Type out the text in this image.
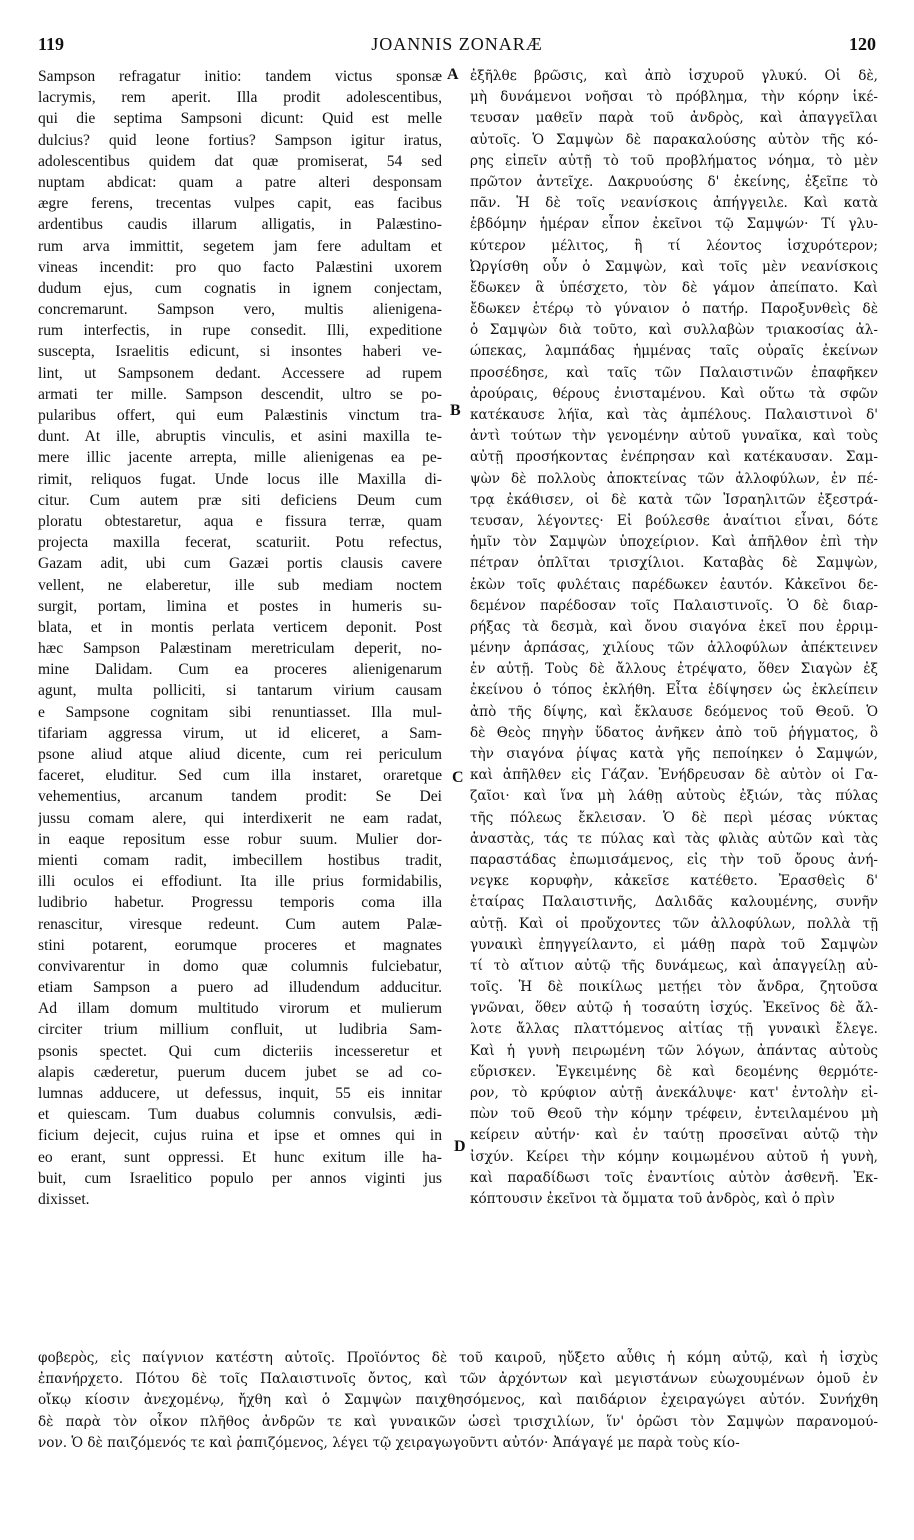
119	JOANNIS ZONARÆ	120
Sampson refragatur initio: tandem victus sponsæ
lacrymis, rem aperit. Illa prodit adolescentibus,
qui die septima Sampsoni dicunt: Quid est melle
dulcius? quid leone fortius? Sampson igitur iratus,
adolescentibus quidem dat quæ promiserat, 54 sed
nuptam abdicat: quam a patre alteri desponsam
ægre ferens, trecentas vulpes capit, eas facibus
ardentibus caudis illarum alligatis, in Palæstino-
rum arva immittit, segetem jam fere adultam et
vineas incendit: pro quo facto Palæstini uxorem
dudum ejus, cum cognatis in ignem conjectam,
concremarunt. Sampson vero, multis alienigena-
rum interfectis, in rupe consedit. Illi, expeditione
suscepta, Israelitis edicunt, si insontes haberi ve-
lint, ut Sampsonem dedant. Accessere ad rupem
armati ter mille. Sampson descendit, ultro se po-
pularibus offert, qui eum Palæstinis vinctum tra-
dunt. At ille, abruptis vinculis, et asini maxilla te-
mere illic jacente arrepta, mille alienigenas ea pe-
rimit, reliquos fugat. Unde locus ille Maxilla di-
citur. Cum autem præ siti deficiens Deum cum
ploratu obtestaretur, aqua e fissura terræ, quam
projecta maxilla fecerat, scaturiit. Potu refectus,
Gazam adit, ubi cum Gazæi portis clausis cavere
vellent, ne elaberetur, ille sub mediam noctem
surgit, portam, limina et postes in humeris su-
blata, et in montis perlata verticem deponit. Post
hæc Sampson Palæstinam meretriculam deperit, no-
mine Dalidam. Cum ea proceres alienigenarum
agunt, multa polliciti, si tantarum virium causam
e Sampsone cognitam sibi renuntiasset. Illa mul-
tifariam aggressa virum, ut id eliceret, a Sam-
psone aliud atque aliud dicente, cum rei periculum
faceret, eluditur. Sed cum illa instaret, oraretque
vehementius, arcanum tandem prodit: Se Dei
jussu comam alere, qui interdixerit ne eam radat,
in eaque repositum esse robur suum. Mulier dor-
mienti comam radit, imbecillem hostibus tradit,
illi oculos ei effodiunt. Ita ille prius formidabilis,
ludibrio habetur. Progressu temporis coma illa
renascitur, viresque redeunt. Cum autem Palæ-
stini potarent, eorumque proceres et magnates
convivarentur in domo quæ columnis fulciebatur,
etiam Sampson a puero ad illudendum adducitur.
Ad illam domum multitudo virorum et mulierum
circiter trium millium confluit, ut ludibria Sam-
psonis spectet. Qui cum dicteriis incesseretur et
alapis cæderetur, puerum ducem jubet se ad co-
lumnas adducere, ut defessus, inquit, 55 eis innitar
et quiescam. Tum duabus columnis convulsis, ædi-
ficium dejecit, cujus ruina et ipse et omnes qui in
eo erant, sunt oppressi. Et hunc exitum ille ha-
buit, cum Israelitico populo per annos viginti jus
dixisset.
ἐξῆλθε βρῶσις, καὶ ἀπὸ ἰσχυροῦ γλυκύ. Οἱ δὲ,
μὴ δυνάμενοι νοῆσαι τὸ πρόβλημα, τὴν κόρην ἱκέ-
τευσαν μαθεῖν παρὰ τοῦ ἀνδρὸς, καὶ ἀπαγγεῖλαι
αὐτοῖς. Ὁ Σαμψὼν δὲ παρακαλούσης αὐτὸν τῆς κό-
ρης εἰπεῖν αὐτῇ τὸ τοῦ προβλήματος νόημα, τὸ μὲν
πρῶτον ἀντεῖχε. Δακρυούσης δ' ἐκείνης, ἐξεῖπε τὸ
πᾶν. Ἡ δὲ τοῖς νεανίσκοις ἀπήγγειλε. Καὶ κατὰ
ἑβδόμην ἡμέραν εἶπον ἐκεῖνοι τῷ Σαμψών· Τί γλυ-
κύτερον μέλιτος, ἢ τί λέοντος ἰσχυρότερον;
Ὠργίσθη οὖν ὁ Σαμψὼν, καὶ τοῖς μὲν νεανίσκοις
ἔδωκεν ἃ ὑπέσχετο, τὸν δὲ γάμον ἀπείπατο. Καὶ
ἔδωκεν ἑτέρῳ τὸ γύναιον ὁ πατήρ. Παροξυνθεὶς δὲ
ὁ Σαμψὼν διὰ τοῦτο, καὶ συλλαβὼν τριακοσίας ἀλ-
ώπεκας, λαμπάδας ἡμμένας ταῖς οὐραῖς ἐκείνων
προσέδησε, καὶ ταῖς τῶν Παλαιστινῶν ἐπαφῆκεν
ἀρούραις, θέρους ἐνισταμένου. Καὶ οὕτω τὰ σφῶν
κατέκαυσε λήϊα, καὶ τὰς ἀμπέλους. Παλαιστινοὶ δ'
ἀντὶ τούτων τὴν γενομένην αὐτοῦ γυναῖκα, καὶ τοὺς
αὐτῇ προσήκοντας ἐνέπρησαν καὶ κατέκαυσαν. Σαμ-
ψὼν δὲ πολλοὺς ἀποκτείνας τῶν ἀλλοφύλων, ἐν πέ-
τρᾳ ἐκάθισεν, οἱ δὲ κατὰ τῶν Ἰσραηλιτῶν ἐξεστρά-
τευσαν, λέγοντες· Εἰ βούλεσθε ἀναίτιοι εἶναι, δότε
ἡμῖν τὸν Σαμψὼν ὑποχείριον. Καὶ ἀπῆλθον ἐπὶ τὴν
πέτραν ὁπλῖται τρισχίλιοι. Καταβὰς δὲ Σαμψὼν,
ἑκὼν τοῖς φυλέταις παρέδωκεν ἑαυτόν. Κἀκεῖνοι δε-
δεμένον παρέδοσαν τοῖς Παλαιστινοῖς. Ὁ δὲ διαρ-
ρήξας τὰ δεσμὰ, καὶ ὄνου σιαγόνα ἐκεῖ που ἐρριμ-
μένην ἁρπάσας, χιλίους τῶν ἀλλοφύλων ἀπέκτεινεν
ἐν αὐτῇ. Τοὺς δὲ ἄλλους ἐτρέψατο, ὅθεν Σιαγὼν ἐξ
ἐκείνου ὁ τόπος ἐκλήθη. Εἶτα ἐδίψησεν ὡς ἐκλείπειν
ἀπὸ τῆς δίψης, καὶ ἔκλαυσε δεόμενος τοῦ Θεοῦ. Ὁ
δὲ Θεὸς πηγὴν ὕδατος ἀνῆκεν ἀπὸ τοῦ ῥήγματος, ὃ
τὴν σιαγόνα ῥίψας κατὰ γῆς πεποίηκεν ὁ Σαμψών,
καὶ ἀπῆλθεν εἰς Γάζαν. Ἐνήδρευσαν δὲ αὐτὸν οἱ Γα-
ζαῖοι· καὶ ἵνα μὴ λάθῃ αὐτοὺς ἐξιών, τὰς πύλας
τῆς πόλεως ἔκλεισαν. Ὁ δὲ περὶ μέσας νύκτας
ἀναστὰς, τάς τε πύλας καὶ τὰς φλιὰς αὐτῶν καὶ τὰς
παραστάδας ἐπωμισάμενος, εἰς τὴν τοῦ ὄρους ἀνή-
νεγκε κορυφὴν, κἀκεῖσε κατέθετο. Ἐρασθεὶς δ'
ἑταίρας Παλαιστινῆς, Δαλιδᾶς καλουμένης, συνῆν
αὐτῇ. Καὶ οἱ προὔχοντες τῶν ἀλλοφύλων, πολλὰ τῇ
γυναικὶ ἐπηγγείλαντο, εἰ μάθῃ παρὰ τοῦ Σαμψὼν
τί τὸ αἴτιον αὐτῷ τῆς δυνάμεως, καὶ ἀπαγγείλῃ αὐ-
τοῖς. Ἡ δὲ ποικίλως μετῄει τὸν ἄνδρα, ζητοῦσα
γνῶναι, ὅθεν αὐτῷ ἡ τοσαύτη ἰσχύς. Ἐκεῖνος δὲ ἄλ-
λοτε ἄλλας πλαττόμενος αἰτίας τῇ γυναικὶ ἔλεγε.
Καὶ ἡ γυνὴ πειρωμένη τῶν λόγων, ἀπάντας αὐτοὺς
εὕρισκεν. Ἐγκειμένης δὲ καὶ δεομένης θερμότε-
ρον, τὸ κρύφιον αὐτῇ ἀνεκάλυψε· κατ' ἐντολὴν εἰ-
πὼν τοῦ Θεοῦ τὴν κόμην τρέφειν, ἐντειλαμένου μὴ
κείρειν αὐτήν· καὶ ἐν ταύτῃ προσεῖναι αὐτῷ τὴν
ἰσχύν. Κείρει τὴν κόμην κοιμωμένου αὐτοῦ ἡ γυνὴ,
καὶ παραδίδωσι τοῖς ἐναντίοις αὐτὸν ἀσθενῆ. Ἐκ-
κόπτουσιν ἐκεῖνοι τὰ ὄμματα τοῦ ἀνδρὸς, καὶ ὁ πρὶν
A
B
C
D
φοβερὸς, εἰς παίγνιον κατέστη αὐτοῖς. Προϊόντος δὲ τοῦ καιροῦ, ηὔξετο αὖθις ἡ κόμη αὐτῷ, καὶ ἡ ἰσχὺς
ἐπανήρχετο. Πότου δὲ τοῖς Παλαιστινοῖς ὄντος, καὶ τῶν ἀρχόντων καὶ μεγιστάνων εὐωχουμένων ὁμοῦ ἐν
οἴκῳ κίοσιν ἀνεχομένῳ, ἤχθη καὶ ὁ Σαμψὼν παιχθησόμενος, καὶ παιδάριον ἐχειραγώγει αὐτόν. Συνήχθη
δὲ παρὰ τὸν οἶκον πλῆθος ἀνδρῶν τε καὶ γυναικῶν ὡσεὶ τρισχιλίων, ἵν' ὁρῶσι τὸν Σαμψὼν παρανομού-
νον. Ὁ δὲ παιζόμενός τε καὶ ῥαπιζόμενος, λέγει τῷ χειραγωγοῦντι αὐτόν· Ἀπάγαγέ με παρὰ τοὺς κίο-
